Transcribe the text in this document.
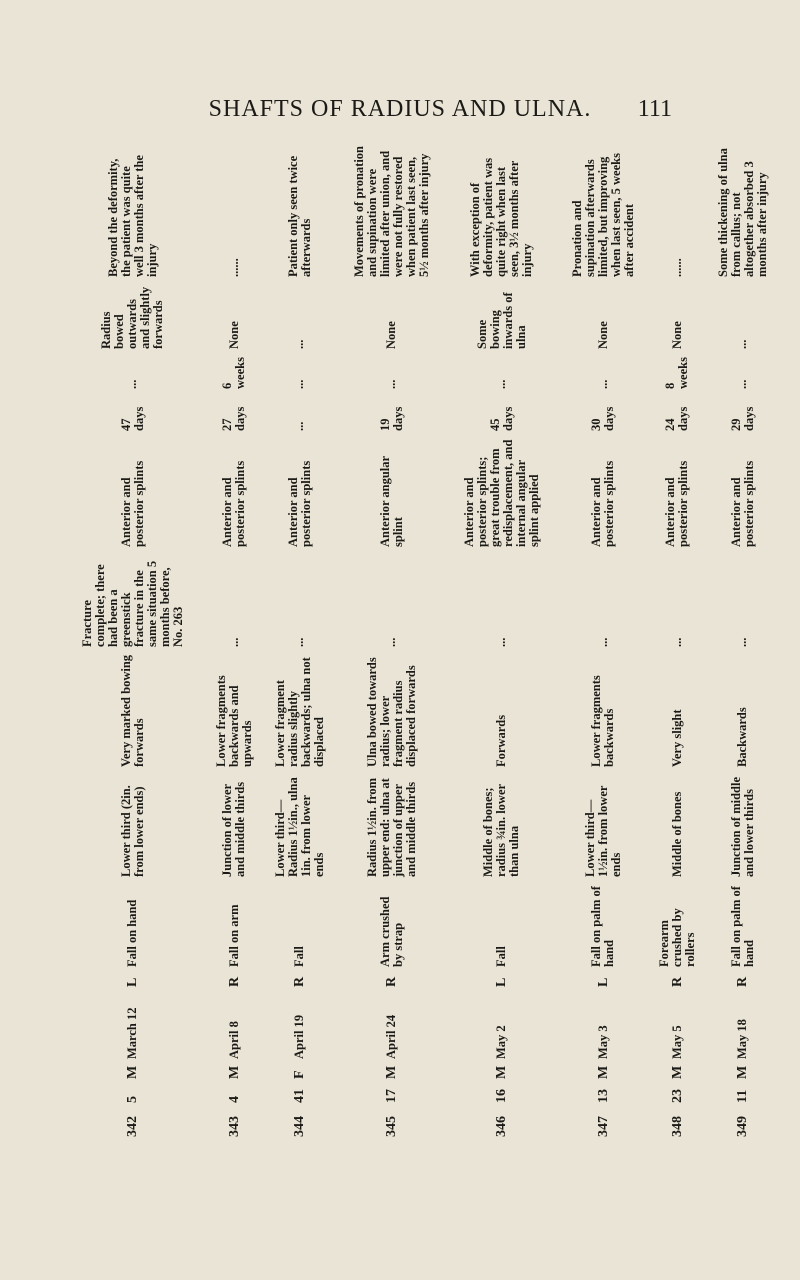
SHAFTS OF RADIUS AND ULNA.	111
342	5	M	March 12	L	Fall on hand	Lower third (2in. from lower ends)	Very marked bowing forwards	Fracture complete; there had been a greenstick fracture in the same situation 5 months before, No. 263	Anterior and posterior splints	47 days	...	Radius bowed outwards and slightly forwards	Beyond the deformity, the patient was quite well 3 months after the injury
343	4	M	April 8	R	Fall on arm	Junction of lower and middle thirds	Lower fragments backwards and upwards	...	Anterior and posterior splints	27 days	6 weeks	None	......
344	41	F	April 19	R	Fall	Lower third—Radius 1½in., ulna 1in. from lower ends	Lower fragment radius slightly backwards; ulna not displaced	...	Anterior and posterior splints	...	...	...	Patient only seen twice afterwards
345	17	M	April 24	R	Arm crushed by strap	Radius 1½in. from upper end: ulna at junction of upper and middle thirds	Ulna bowed towards radius; lower fragment radius displaced forwards	...	Anterior angular splint	19 days	...	None	Movements of pronation and supination were limited after union, and were not fully restored when patient last seen, 5½ months after injury
346	16	M	May 2	L	Fall	Middle of bones; radius ¾in. lower than ulna	Forwards	...	Anterior and posterior splints; great trouble from redisplacement, and internal angular splint applied	45 days	...	Some bowing inwards of ulna	With exception of deformity, patient was quite right when last seen, 3½ months after injury
347	13	M	May 3	L	Fall on palm of hand	Lower third—1½in. from lower ends	Lower fragments backwards	...	Anterior and posterior splints	30 days	...	None	Pronation and supination afterwards limited, but improving when last seen, 5 weeks after accident
348	23	M	May 5	R	Forearm crushed by rollers	Middle of bones	Very slight	...	Anterior and posterior splints	24 days	8 weeks	None	......
349	11	M	May 18	R	Fall on palm of hand	Junction of middle and lower thirds	Backwards	...	Anterior and posterior splints	29 days	...	...	Some thickening of ulna from callus; not altogether absorbed 3 months after injury
